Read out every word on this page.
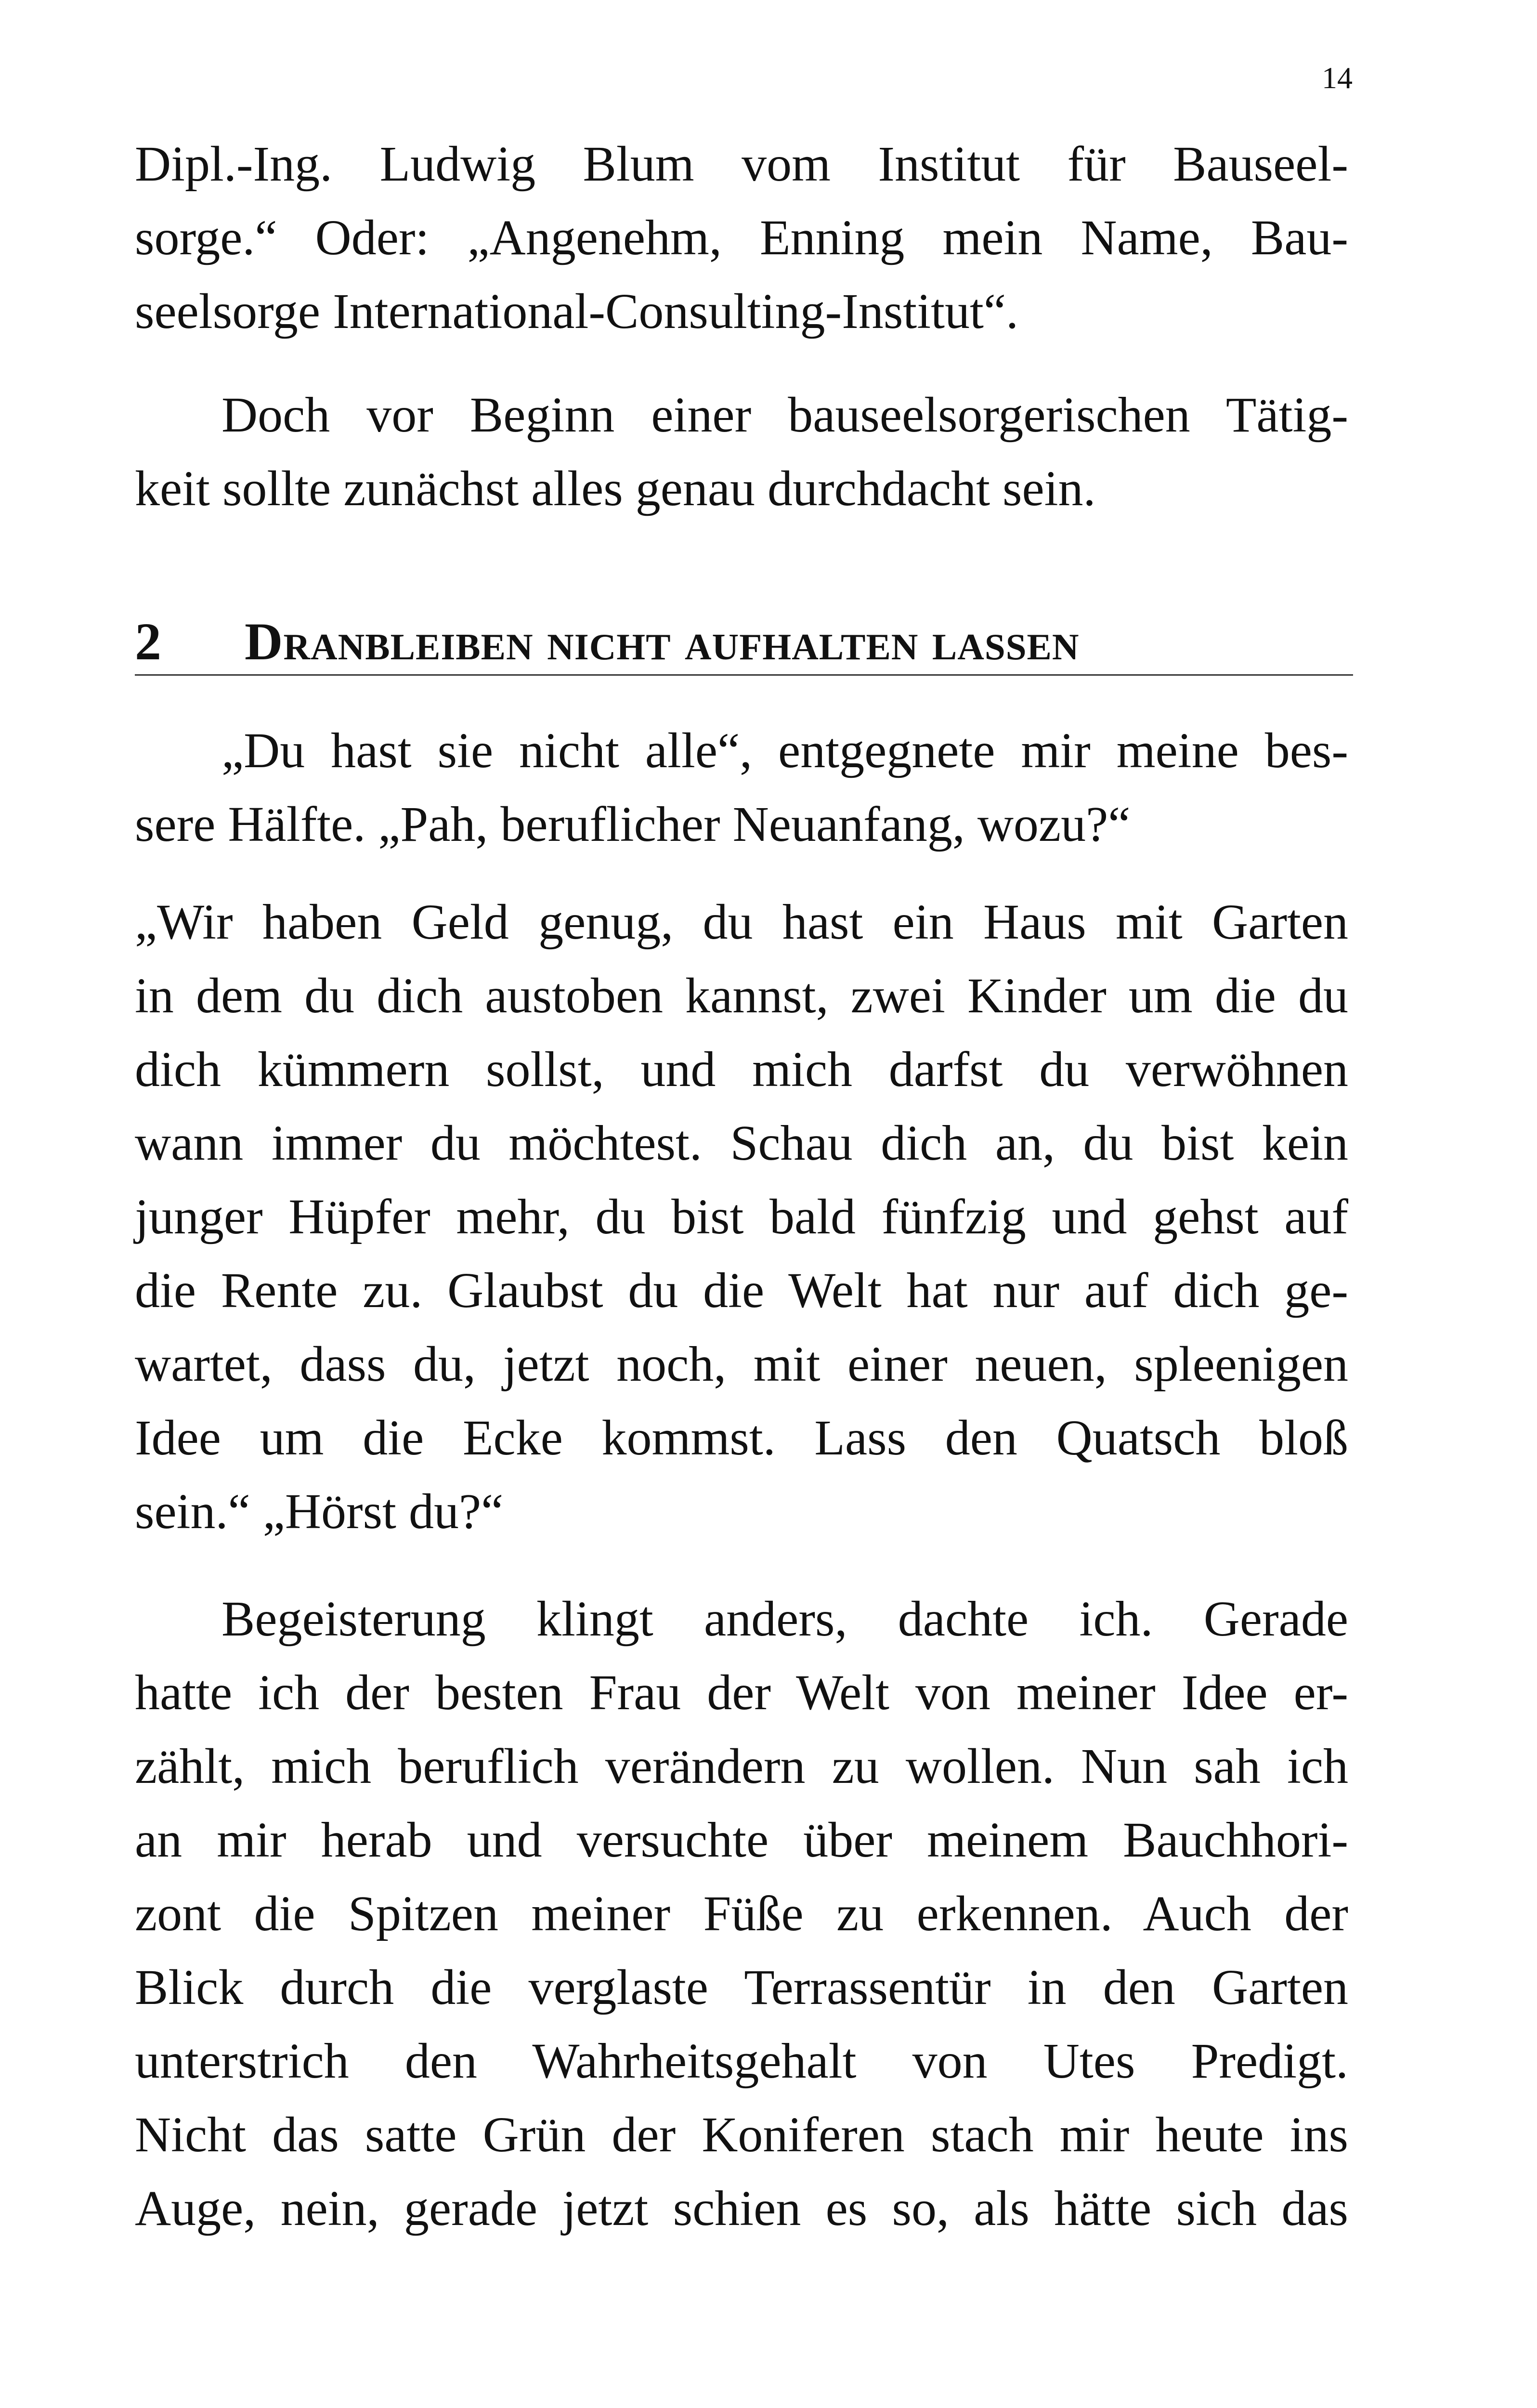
14

Dipl.-Ing. Ludwig Blum vom Institut für Bauseel-

sorge.“ Oder: „Angenehm, Enning mein Name, Bau-

seelsorge International-Consulting-Institut“.

Doch vor Beginn einer bauseelsorgerischen Tätig-

keit sollte zunächst alles genau durchdacht sein.

2 Dranbleiben nicht aufhalten lassen

„Du hast sie nicht alle“, entgegnete mir meine bes-

sere Hälfte. „Pah, beruflicher Neuanfang, wozu?“

„Wir haben Geld genug, du hast ein Haus mit Garten

in dem du dich austoben kannst, zwei Kinder um die du

dich kümmern sollst, und mich darfst du verwöhnen

wann immer du möchtest. Schau dich an, du bist kein

junger Hüpfer mehr, du bist bald fünfzig und gehst auf

die Rente zu. Glaubst du die Welt hat nur auf dich ge-

wartet, dass du, jetzt noch, mit einer neuen, spleenigen

Idee um die Ecke kommst. Lass den Quatsch bloß

sein.“ „Hörst du?“

Begeisterung klingt anders, dachte ich. Gerade

hatte ich der besten Frau der Welt von meiner Idee er-

zählt, mich beruflich verändern zu wollen. Nun sah ich

an mir herab und versuchte über meinem Bauchhori-

zont die Spitzen meiner Füße zu erkennen. Auch der

Blick durch die verglaste Terrassentür in den Garten

unterstrich den Wahrheitsgehalt von Utes Predigt.

Nicht das satte Grün der Koniferen stach mir heute ins

Auge, nein, gerade jetzt schien es so, als hätte sich das
